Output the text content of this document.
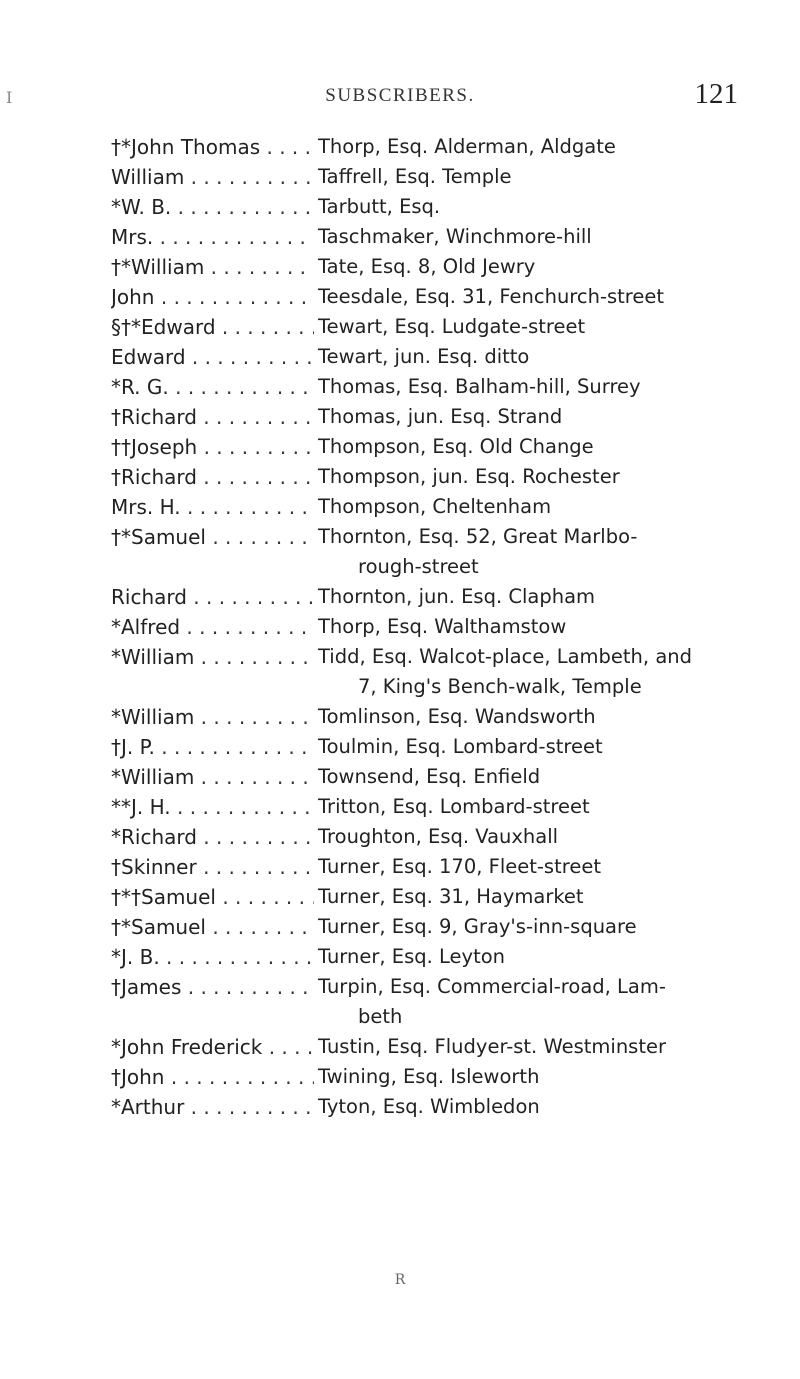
SUBSCRIBERS.	121
I
†*John Thomas . . .	Thorp, Esq. Alderman, Aldgate
William . . .	Taffrell, Esq. Temple
*W. B. . . .	Tarbutt, Esq.
Mrs. . . .	Taschmaker, Winchmore-hill
†*William . . .	Tate, Esq. 8, Old Jewry
John . . .	Teesdale, Esq. 31, Fenchurch-street
§†*Edward . . .	Tewart, Esq. Ludgate-street
Edward . . .	Tewart, jun. Esq. ditto
*R. G. . . .	Thomas, Esq. Balham-hill, Surrey
†Richard . . .	Thomas, jun. Esq. Strand
††Joseph . . .	Thompson, Esq. Old Change
†Richard . . .	Thompson, jun. Esq. Rochester
Mrs. H. . . .	Thompson, Cheltenham
†*Samuel . . .	Thornton, Esq. 52, Great Marlbo-
rough-street
Richard . . .	Thornton, jun. Esq. Clapham
*Alfred . . .	Thorp, Esq. Walthamstow
*William . . .	Tidd, Esq. Walcot-place, Lambeth, and
7, King's Bench-walk, Temple
*William . . .	Tomlinson, Esq. Wandsworth
†J. P. . . .	Toulmin, Esq. Lombard-street
*William . . .	Townsend, Esq. Enfield
**J. H. . . .	Tritton, Esq. Lombard-street
*Richard . . .	Troughton, Esq. Vauxhall
†Skinner . . .	Turner, Esq. 170, Fleet-street
†*†Samuel . . .	Turner, Esq. 31, Haymarket
†*Samuel . . .	Turner, Esq. 9, Gray's-inn-square
*J. B. . . .	Turner, Esq. Leyton
†James . . .	Turpin, Esq. Commercial-road, Lam-
beth
*John Frederick . . .	Tustin, Esq. Fludyer-st. Westminster
†John . . .	Twining, Esq. Isleworth
*Arthur . . .	Tyton, Esq. Wimbledon
R
